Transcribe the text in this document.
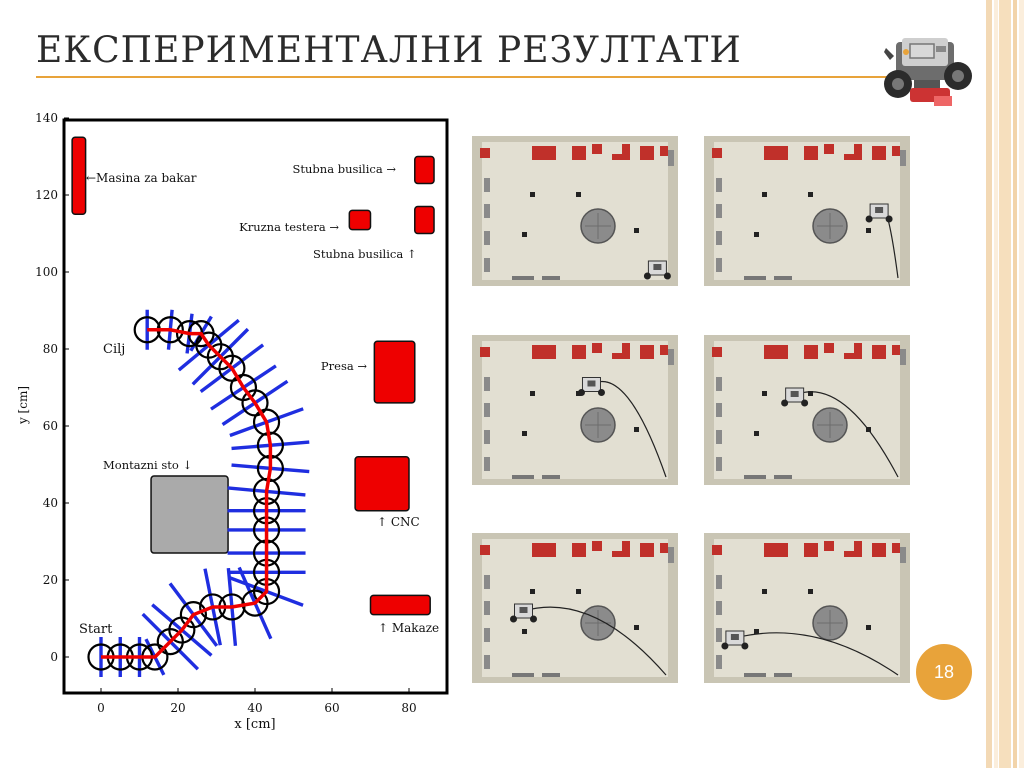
ЕКСПЕРИМЕНТАЛНИ РЕЗУЛТАТИ
0
20
40
60
80
100
120
140
0	20	40	60	80
x [cm]
y [cm]
←Masina za bakar
Stubna busilica →
Kruzna testera →
Stubna busilica ↑
Cilj
Presa →
Montazni sto ↓
↑ CNC
Start	↑ Makaze
18
